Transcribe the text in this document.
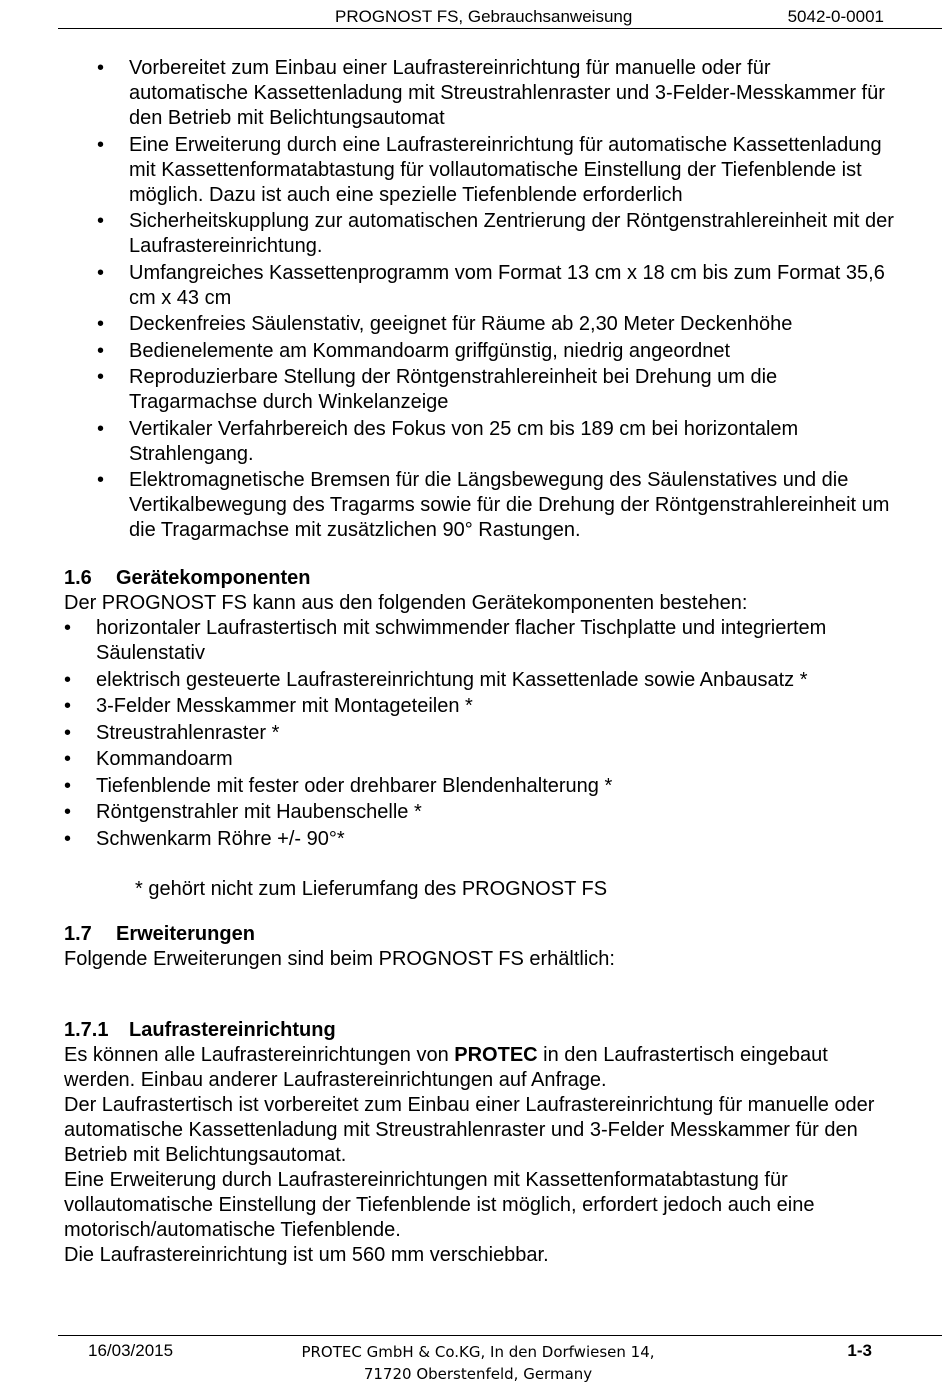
PROGNOST FS, Gebrauchsanweisung	5042-0-0001
• Vorbereitet zum Einbau einer Laufrastereinrichtung für manuelle oder für automatische Kassettenladung mit Streustrahlenraster und 3-Felder-Messkammer für den Betrieb mit Belichtungsautomat
• Eine Erweiterung durch eine Laufrastereinrichtung für automatische Kassettenladung mit Kassettenformatabtastung für vollautomatische Einstellung der Tiefenblende ist möglich. Dazu ist auch eine spezielle Tiefenblende erforderlich
• Sicherheitskupplung zur automatischen Zentrierung der Röntgenstrahlereinheit mit der Laufrastereinrichtung.
• Umfangreiches Kassettenprogramm vom Format 13 cm x 18 cm bis zum Format 35,6 cm x 43 cm
• Deckenfreies Säulenstativ, geeignet für Räume ab 2,30 Meter Deckenhöhe
• Bedienelemente am Kommandoarm griffgünstig, niedrig angeordnet
• Reproduzierbare Stellung der Röntgenstrahlereinheit bei Drehung um die Tragarmachse durch Winkelanzeige
• Vertikaler Verfahrbereich des Fokus von 25 cm bis 189 cm bei horizontalem Strahlengang.
• Elektromagnetische Bremsen für die Längsbewegung des Säulenstatives und die Vertikalbewegung des Tragarms sowie für die Drehung der Röntgenstrahlereinheit um die Tragarmachse mit zusätzlichen 90° Rastungen.
1.6 Gerätekomponenten

Der PROGNOST FS kann aus den folgenden Gerätekomponenten bestehen:

• horizontaler Laufrastertisch mit schwimmender flacher Tischplatte und integriertem Säulenstativ
• elektrisch gesteuerte Laufrastereinrichtung mit Kassettenlade sowie Anbausatz *
• 3-Felder Messkammer mit Montageteilen *
• Streustrahlenraster *
• Kommandoarm
• Tiefenblende mit fester oder drehbarer Blendenhalterung *
• Röntgenstrahler mit Haubenschelle *
• Schwenkarm Röhre +/- 90°*

* gehört nicht zum Lieferumfang des PROGNOST FS

1.7 Erweiterungen

Folgende Erweiterungen sind beim PROGNOST FS erhältlich:

1.7.1 Laufrastereinrichtung

Es können alle Laufrastereinrichtungen von PROTEC in den Laufrastertisch eingebaut werden. Einbau anderer Laufrastereinrichtungen auf Anfrage.

Der Laufrastertisch ist vorbereitet zum Einbau einer Laufrastereinrichtung für manuelle oder automatische Kassettenladung mit Streustrahlenraster und 3-Felder Messkammer für den Betrieb mit Belichtungsautomat.

Eine Erweiterung durch Laufrastereinrichtungen mit Kassettenformatabtastung für vollautomatische Einstellung der Tiefenblende ist möglich, erfordert jedoch auch eine motorisch/automatische Tiefenblende.

Die Laufrastereinrichtung ist um 560 mm verschiebbar.

16/03/2015	PROTEC GmbH & Co.KG, In den Dorfwiesen 14,
71720 Oberstenfeld, Germany
1-3
